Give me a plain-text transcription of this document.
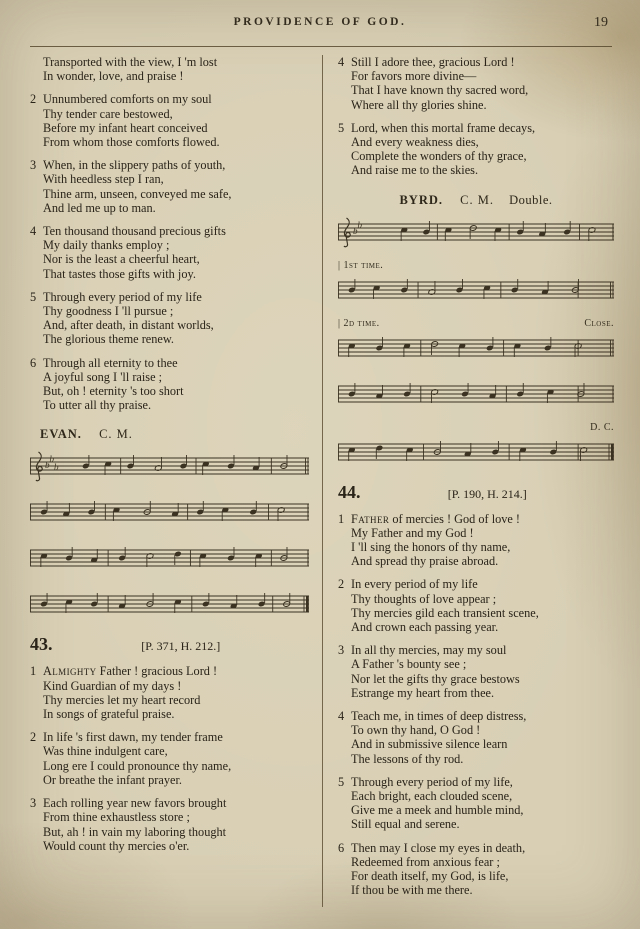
PROVIDENCE OF GOD.	19
Transported with the view, I 'm lost
In wonder, love, and praise !
2 Unnumbered comforts on my soul
Thy tender care bestowed,
Before my infant heart conceived
From whom those comforts flowed.
3 When, in the slippery paths of youth,
With heedless step I ran,
Thine arm, unseen, conveyed me safe,
And led me up to man.
4 Ten thousand thousand precious gifts
My daily thanks employ ;
Nor is the least a cheerful heart,
That tastes those gifts with joy.
5 Through every period of my life
Thy goodness I 'll pursue ;
And, after death, in distant worlds,
The glorious theme renew.
6 Through all eternity to thee
A joyful song I 'll raise ;
But, oh ! eternity 's too short
To utter all thy praise.
EVAN. C. M.
b
b
b
43.	[P. 371, H. 212.]
1 Almighty Father ! gracious Lord !
Kind Guardian of my days !
Thy mercies let my heart record
In songs of grateful praise.
2 In life 's first dawn, my tender frame
Was thine indulgent care,
Long ere I could pronounce thy name,
Or breathe the infant prayer.
3 Each rolling year new favors brought
From thine exhaustless store ;
But, ah ! in vain my laboring thought
Would count thy mercies o'er.
4 Still I adore thee, gracious Lord !
For favors more divine—
That I have known thy sacred word,
Where all thy glories shine.
5 Lord, when this mortal frame decays,
And every weakness dies,
Complete the wonders of thy grace,
And raise me to the skies.
BYRD. C. M. Double.
b
b
| 1st time.
| 2d time.	Close.
D. C.
44.	[P. 190, H. 214.]
1 Father of mercies ! God of love !
My Father and my God !
I 'll sing the honors of thy name,
And spread thy praise abroad.
2 In every period of my life
Thy thoughts of love appear ;
Thy mercies gild each transient scene,
And crown each passing year.
3 In all thy mercies, may my soul
A Father 's bounty see ;
Nor let the gifts thy grace bestows
Estrange my heart from thee.
4 Teach me, in times of deep distress,
To own thy hand, O God !
And in submissive silence learn
The lessons of thy rod.
5 Through every period of my life,
Each bright, each clouded scene,
Give me a meek and humble mind,
Still equal and serene.
6 Then may I close my eyes in death,
Redeemed from anxious fear ;
For death itself, my God, is life,
If thou be with me there.
